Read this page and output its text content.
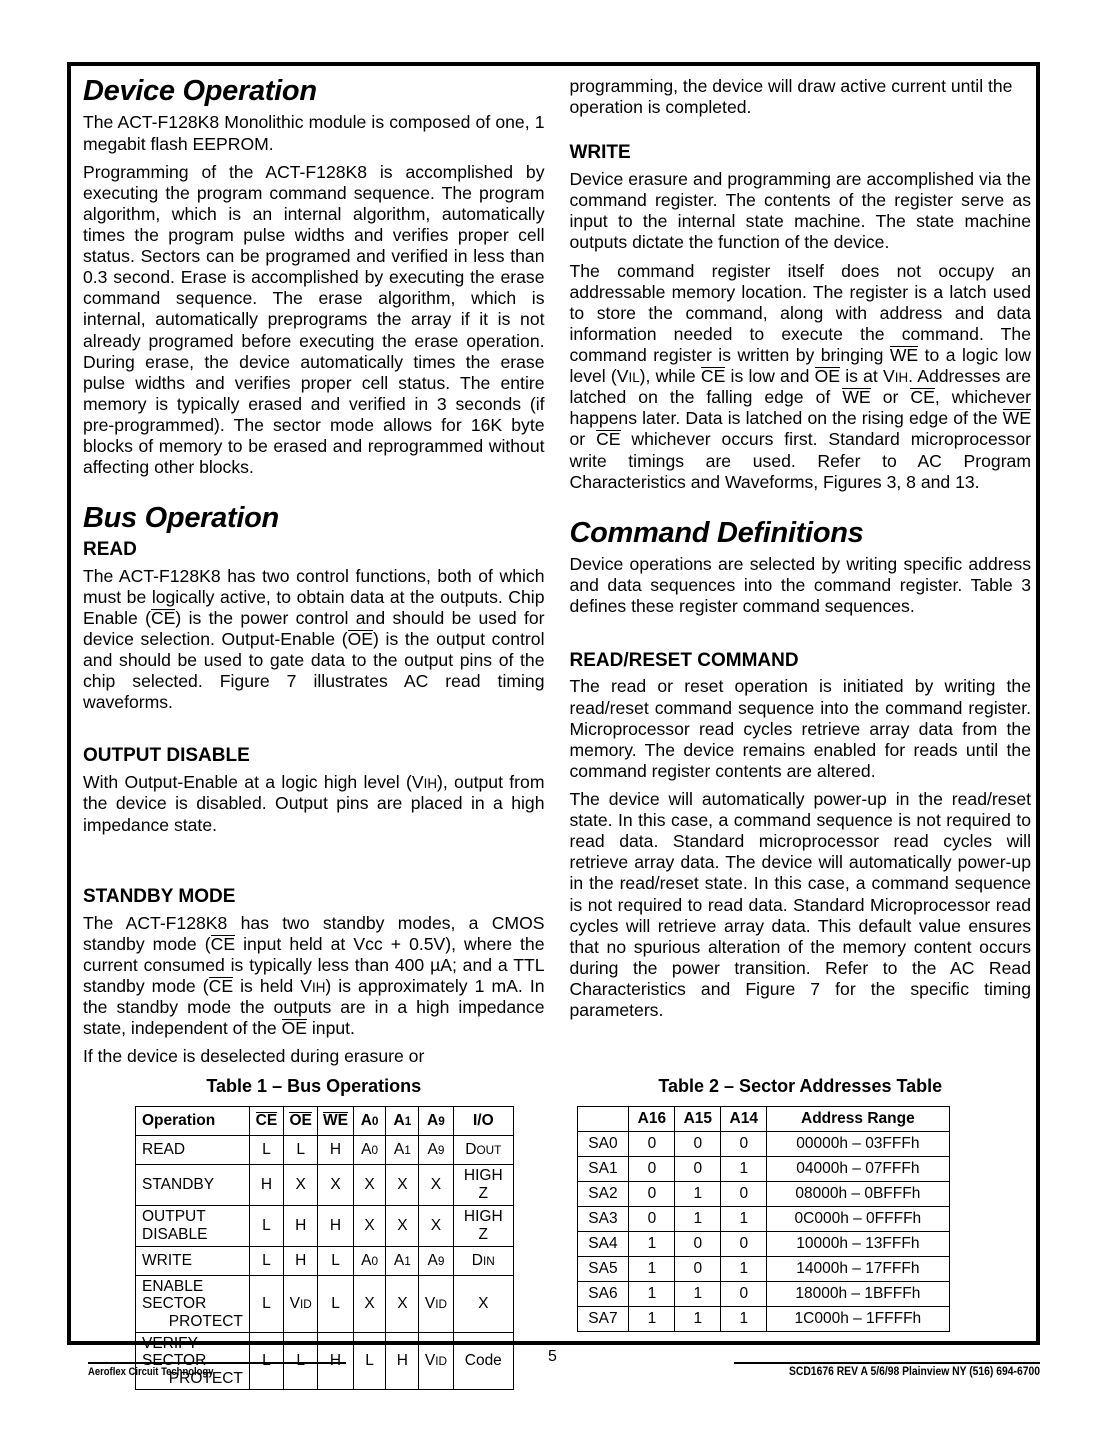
Device Operation

The ACT-F128K8 Monolithic module is composed of one, 1 megabit flash EEPROM.

Programming of the ACT-F128K8 is accomplished by executing the program command sequence. The program algorithm, which is an internal algorithm, automatically times the program pulse widths and verifies proper cell status. Sectors can be programed and verified in less than 0.3 second. Erase is accomplished by executing the erase command sequence. The erase algorithm, which is internal, automatically preprograms the array if it is not already programed before executing the erase operation. During erase, the device automatically times the erase pulse widths and verifies proper cell status. The entire memory is typically erased and verified in 3 seconds (if pre-programmed). The sector mode allows for 16K byte blocks of memory to be erased and reprogrammed without affecting other blocks.

Bus Operation
READ

The ACT-F128K8 has two control functions, both of which must be logically active, to obtain data at the outputs. Chip Enable (CE) is the power control and should be used for device selection. Output-Enable (OE) is the output control and should be used to gate data to the output pins of the chip selected. Figure 7 illustrates AC read timing waveforms.

OUTPUT DISABLE

With Output-Enable at a logic high level (VIH), output from the device is disabled. Output pins are placed in a high impedance state.

STANDBY MODE

The ACT-F128K8 has two standby modes, a CMOS standby mode (CE input held at Vcc + 0.5V), where the current consumed is typically less than 400 µA; and a TTL standby mode (CE is held VIH) is approximately 1 mA. In the standby mode the outputs are in a high impedance state, independent of the OE input.

If the device is deselected during erasure or

programming, the device will draw active current until the operation is completed.

WRITE

Device erasure and programming are accomplished via the command register. The contents of the register serve as input to the internal state machine. The state machine outputs dictate the function of the device.

The command register itself does not occupy an addressable memory location. The register is a latch used to store the command, along with address and data information needed to execute the command. The command register is written by bringing WE to a logic low level (VIL), while CE is low and OE is at VIH. Addresses are latched on the falling edge of WE or CE, whichever happens later. Data is latched on the rising edge of the WE or CE whichever occurs first. Standard microprocessor write timings are used. Refer to AC Program Characteristics and Waveforms, Figures 3, 8 and 13.

Command Definitions

Device operations are selected by writing specific address and data sequences into the command register. Table 3 defines these register command sequences.

READ/RESET COMMAND

The read or reset operation is initiated by writing the read/reset command sequence into the command register. Microprocessor read cycles retrieve array data from the memory. The device remains enabled for reads until the command register contents are altered.

The device will automatically power-up in the read/reset state. In this case, a command sequence is not required to read data. Standard microprocessor read cycles will retrieve array data. The device will automatically power-up in the read/reset state. In this case, a command sequence is not required to read data. Standard Microprocessor read cycles will retrieve array data. This default value ensures that no spurious alteration of the memory content occurs during the power transition. Refer to the AC Read Characteristics and Figure 7 for the specific timing parameters.

Table 1 – Bus Operations
Operation	CE	OE	WE	A0	A1	A9	I/O
READ	L	L	H	A0	A1	A9	DOUT
STANDBY	H	X	X	X	X	X	HIGH Z
OUTPUT DISABLE	L	H	H	X	X	X	HIGH Z
WRITE	L	H	L	A0	A1	A9	DIN

ENABLE SECTOR
PROTECT	L	VID	L	X	X	VID	X

VERIFY SECTOR
PROTECT	L	L	H	L	H	VID	Code
Table 2 – Sector Addresses Table
	A16	A15	A14	Address Range
SA0	0	0	0	00000h – 03FFFh
SA1	0	0	1	04000h – 07FFFh
SA2	0	1	0	08000h – 0BFFFh
SA3	0	1	1	0C000h – 0FFFFh
SA4	1	0	0	10000h – 13FFFh
SA5	1	0	1	14000h – 17FFFh
SA6	1	1	0	18000h – 1BFFFh
SA7	1	1	1	1C000h – 1FFFFh
5
Aeroflex Circuit Technology	SCD1676 REV A 5/6/98 Plainview NY (516) 694-6700
